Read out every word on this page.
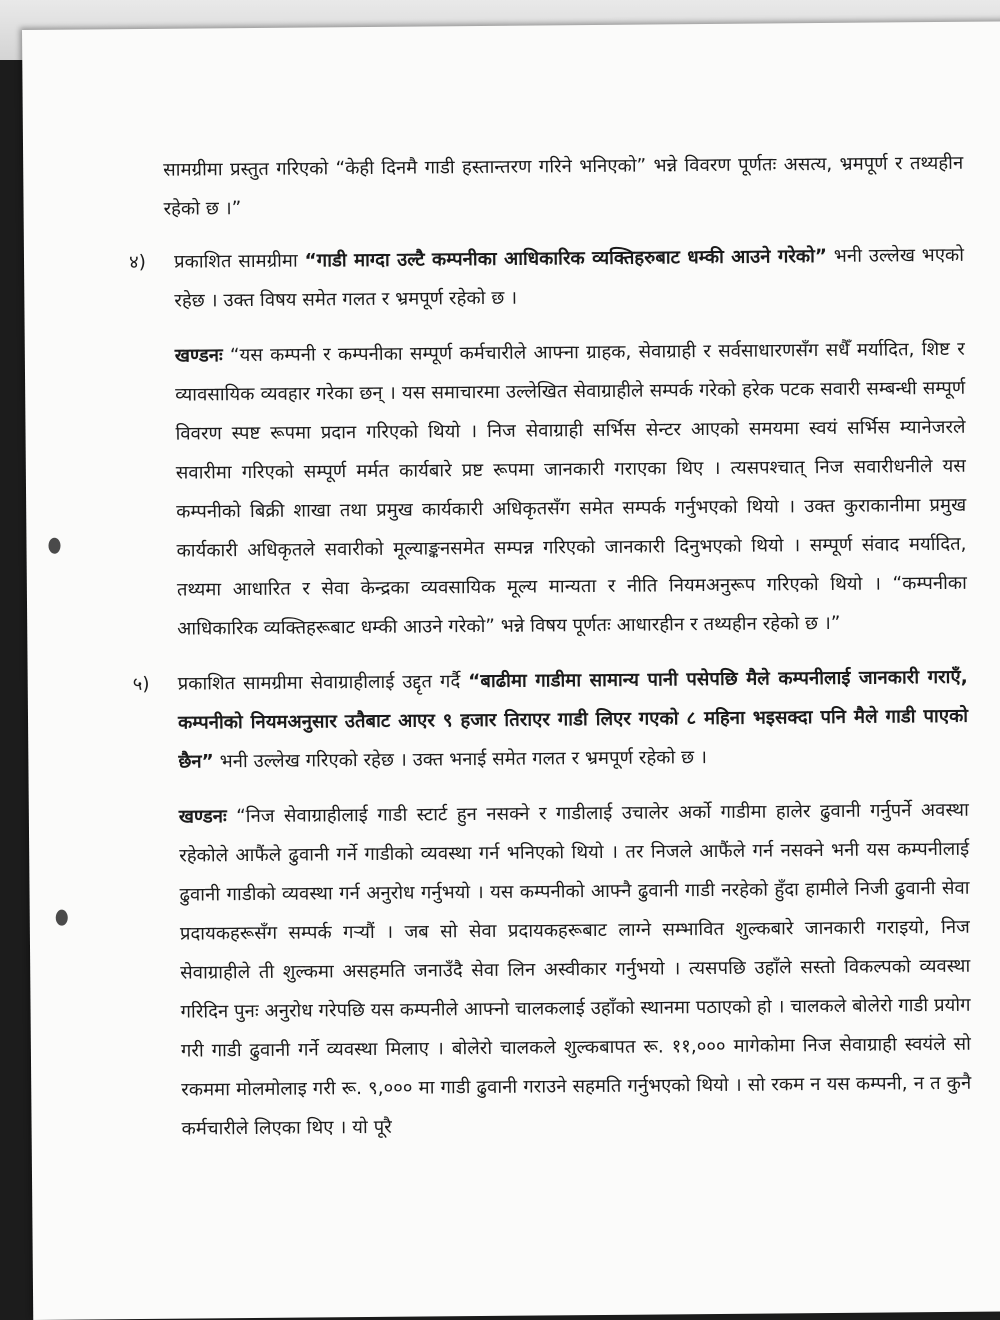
सामग्रीमा प्रस्तुत गरिएको “केही दिनमै गाडी हस्तान्तरण गरिने भनिएको” भन्ने विवरण पूर्णतः असत्य, भ्रमपूर्ण र तथ्यहीन रहेको छ ।”

४)	प्रकाशित सामग्रीमा “गाडी माग्दा उल्टै कम्पनीका आधिकारिक व्यक्तिहरुबाट धम्की आउने गरेको” भनी उल्लेख भएको रहेछ । उक्त विषय समेत गलत र भ्रमपूर्ण रहेको छ ।
खण्डनः “यस कम्पनी र कम्पनीका सम्पूर्ण कर्मचारीले आफ्ना ग्राहक, सेवाग्राही र सर्वसाधारणसँग सधैँ मर्यादित, शिष्ट र व्यावसायिक व्यवहार गरेका छन् । यस समाचारमा उल्लेखित सेवाग्राहीले सम्पर्क गरेको हरेक पटक सवारी सम्बन्धी सम्पूर्ण विवरण स्पष्ट रूपमा प्रदान गरिएको थियो । निज सेवाग्राही सर्भिस सेन्टर आएको समयमा स्वयं सर्भिस म्यानेजरले सवारीमा गरिएको सम्पूर्ण मर्मत कार्यबारे प्रष्ट रूपमा जानकारी गराएका थिए । त्यसपश्चात् निज सवारीधनीले यस कम्पनीको बिक्री शाखा तथा प्रमुख कार्यकारी अधिकृतसँग समेत सम्पर्क गर्नुभएको थियो । उक्त कुराकानीमा प्रमुख कार्यकारी अधिकृतले सवारीको मूल्याङ्कनसमेत सम्पन्न गरिएको जानकारी दिनुभएको थियो । सम्पूर्ण संवाद मर्यादित, तथ्यमा आधारित र सेवा केन्द्रका व्यवसायिक मूल्य मान्यता र नीति नियमअनुरूप गरिएको थियो । “कम्पनीका आधिकारिक व्यक्तिहरूबाट धम्की आउने गरेको” भन्ने विषय पूर्णतः आधारहीन र तथ्यहीन रहेको छ ।”
५)	प्रकाशित सामग्रीमा सेवाग्राहीलाई उद्दृत गर्दै “बाढीमा गाडीमा सामान्य पानी पसेपछि मैले कम्पनीलाई जानकारी गराएँ, कम्पनीको नियमअनुसार उतैबाट आएर ९ हजार तिराएर गाडी लिएर गएको ८ महिना भइसक्दा पनि मैले गाडी पाएको छैन” भनी उल्लेख गरिएको रहेछ । उक्त भनाई समेत गलत र भ्रमपूर्ण रहेको छ ।
खण्डनः “निज सेवाग्राहीलाई गाडी स्टार्ट हुन नसक्ने र गाडीलाई उचालेर अर्को गाडीमा हालेर ढुवानी गर्नुपर्ने अवस्था रहेकोले आफैंले ढुवानी गर्ने गाडीको व्यवस्था गर्न भनिएको थियो । तर निजले आफैंले गर्न नसक्ने भनी यस कम्पनीलाई ढुवानी गाडीको व्यवस्था गर्न अनुरोध गर्नुभयो । यस कम्पनीको आफ्नै ढुवानी गाडी नरहेको हुँदा हामीले निजी ढुवानी सेवा प्रदायकहरूसँग सम्पर्क गर्‍यौं । जब सो सेवा प्रदायकहरूबाट लाग्ने सम्भावित शुल्कबारे जानकारी गराइयो, निज सेवाग्राहीले ती शुल्कमा असहमति जनाउँदै सेवा लिन अस्वीकार गर्नुभयो । त्यसपछि उहाँले सस्तो विकल्पको व्यवस्था गरिदिन पुनः अनुरोध गरेपछि यस कम्पनीले आफ्नो चालकलाई उहाँको स्थानमा पठाएको हो । चालकले बोलेरो गाडी प्रयोग गरी गाडी ढुवानी गर्ने व्यवस्था मिलाए । बोलेरो चालकले शुल्कबापत रू. ११,००० मागेकोमा निज सेवाग्राही स्वयंले सो रकममा मोलमोलाइ गरी रू. ९,००० मा गाडी ढुवानी गराउने सहमति गर्नुभएको थियो । सो रकम न यस कम्पनी, न त कुनै कर्मचारीले लिएका थिए । यो पूरै
